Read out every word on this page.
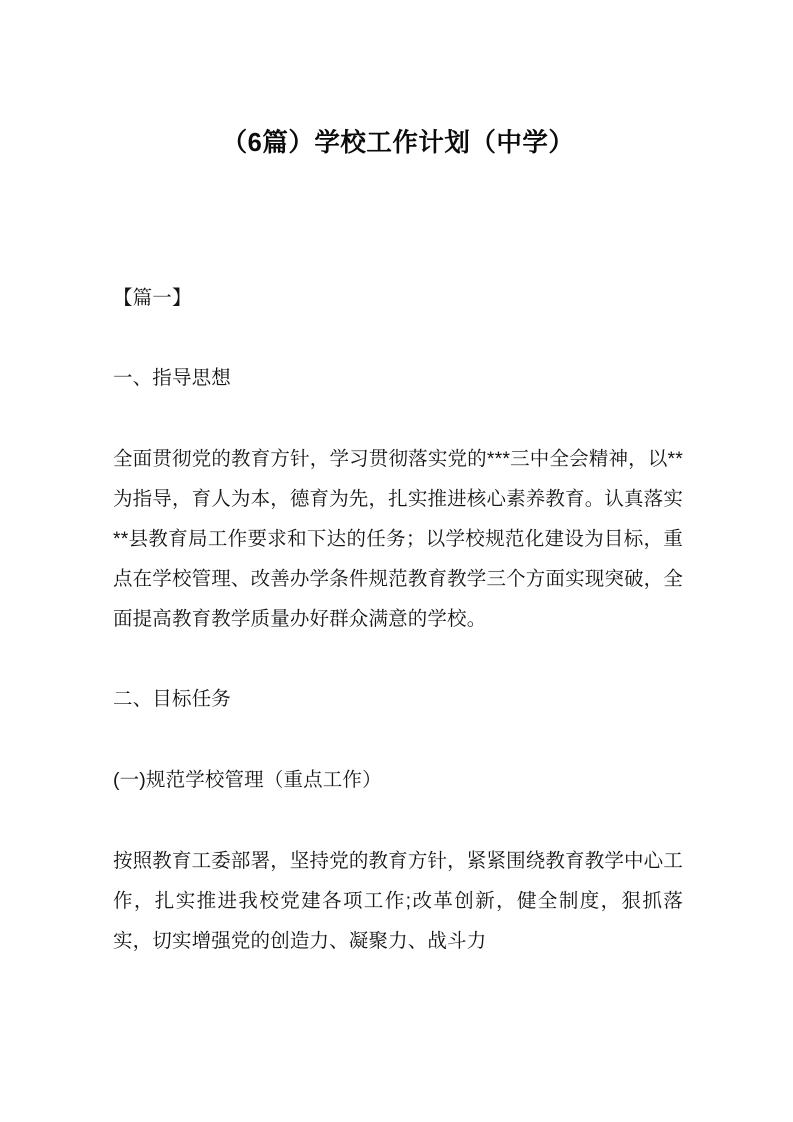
（6篇）学校工作计划（中学）

【篇一】

一、指导思想

全面贯彻党的教育方针，学习贯彻落实党的***三中全会精神，以**为指导，育人为本，德育为先，扎实推进核心素养教育。认真落实**县教育局工作要求和下达的任务；以学校规范化建设为目标，重点在学校管理、改善办学条件规范教育教学三个方面实现突破，全面提高教育教学质量办好群众满意的学校。

二、目标任务

(一)规范学校管理（重点工作）

按照教育工委部署，坚持党的教育方针，紧紧围绕教育教学中心工作，扎实推进我校党建各项工作;改革创新，健全制度，狠抓落实，切实增强党的创造力、凝聚力、战斗力
